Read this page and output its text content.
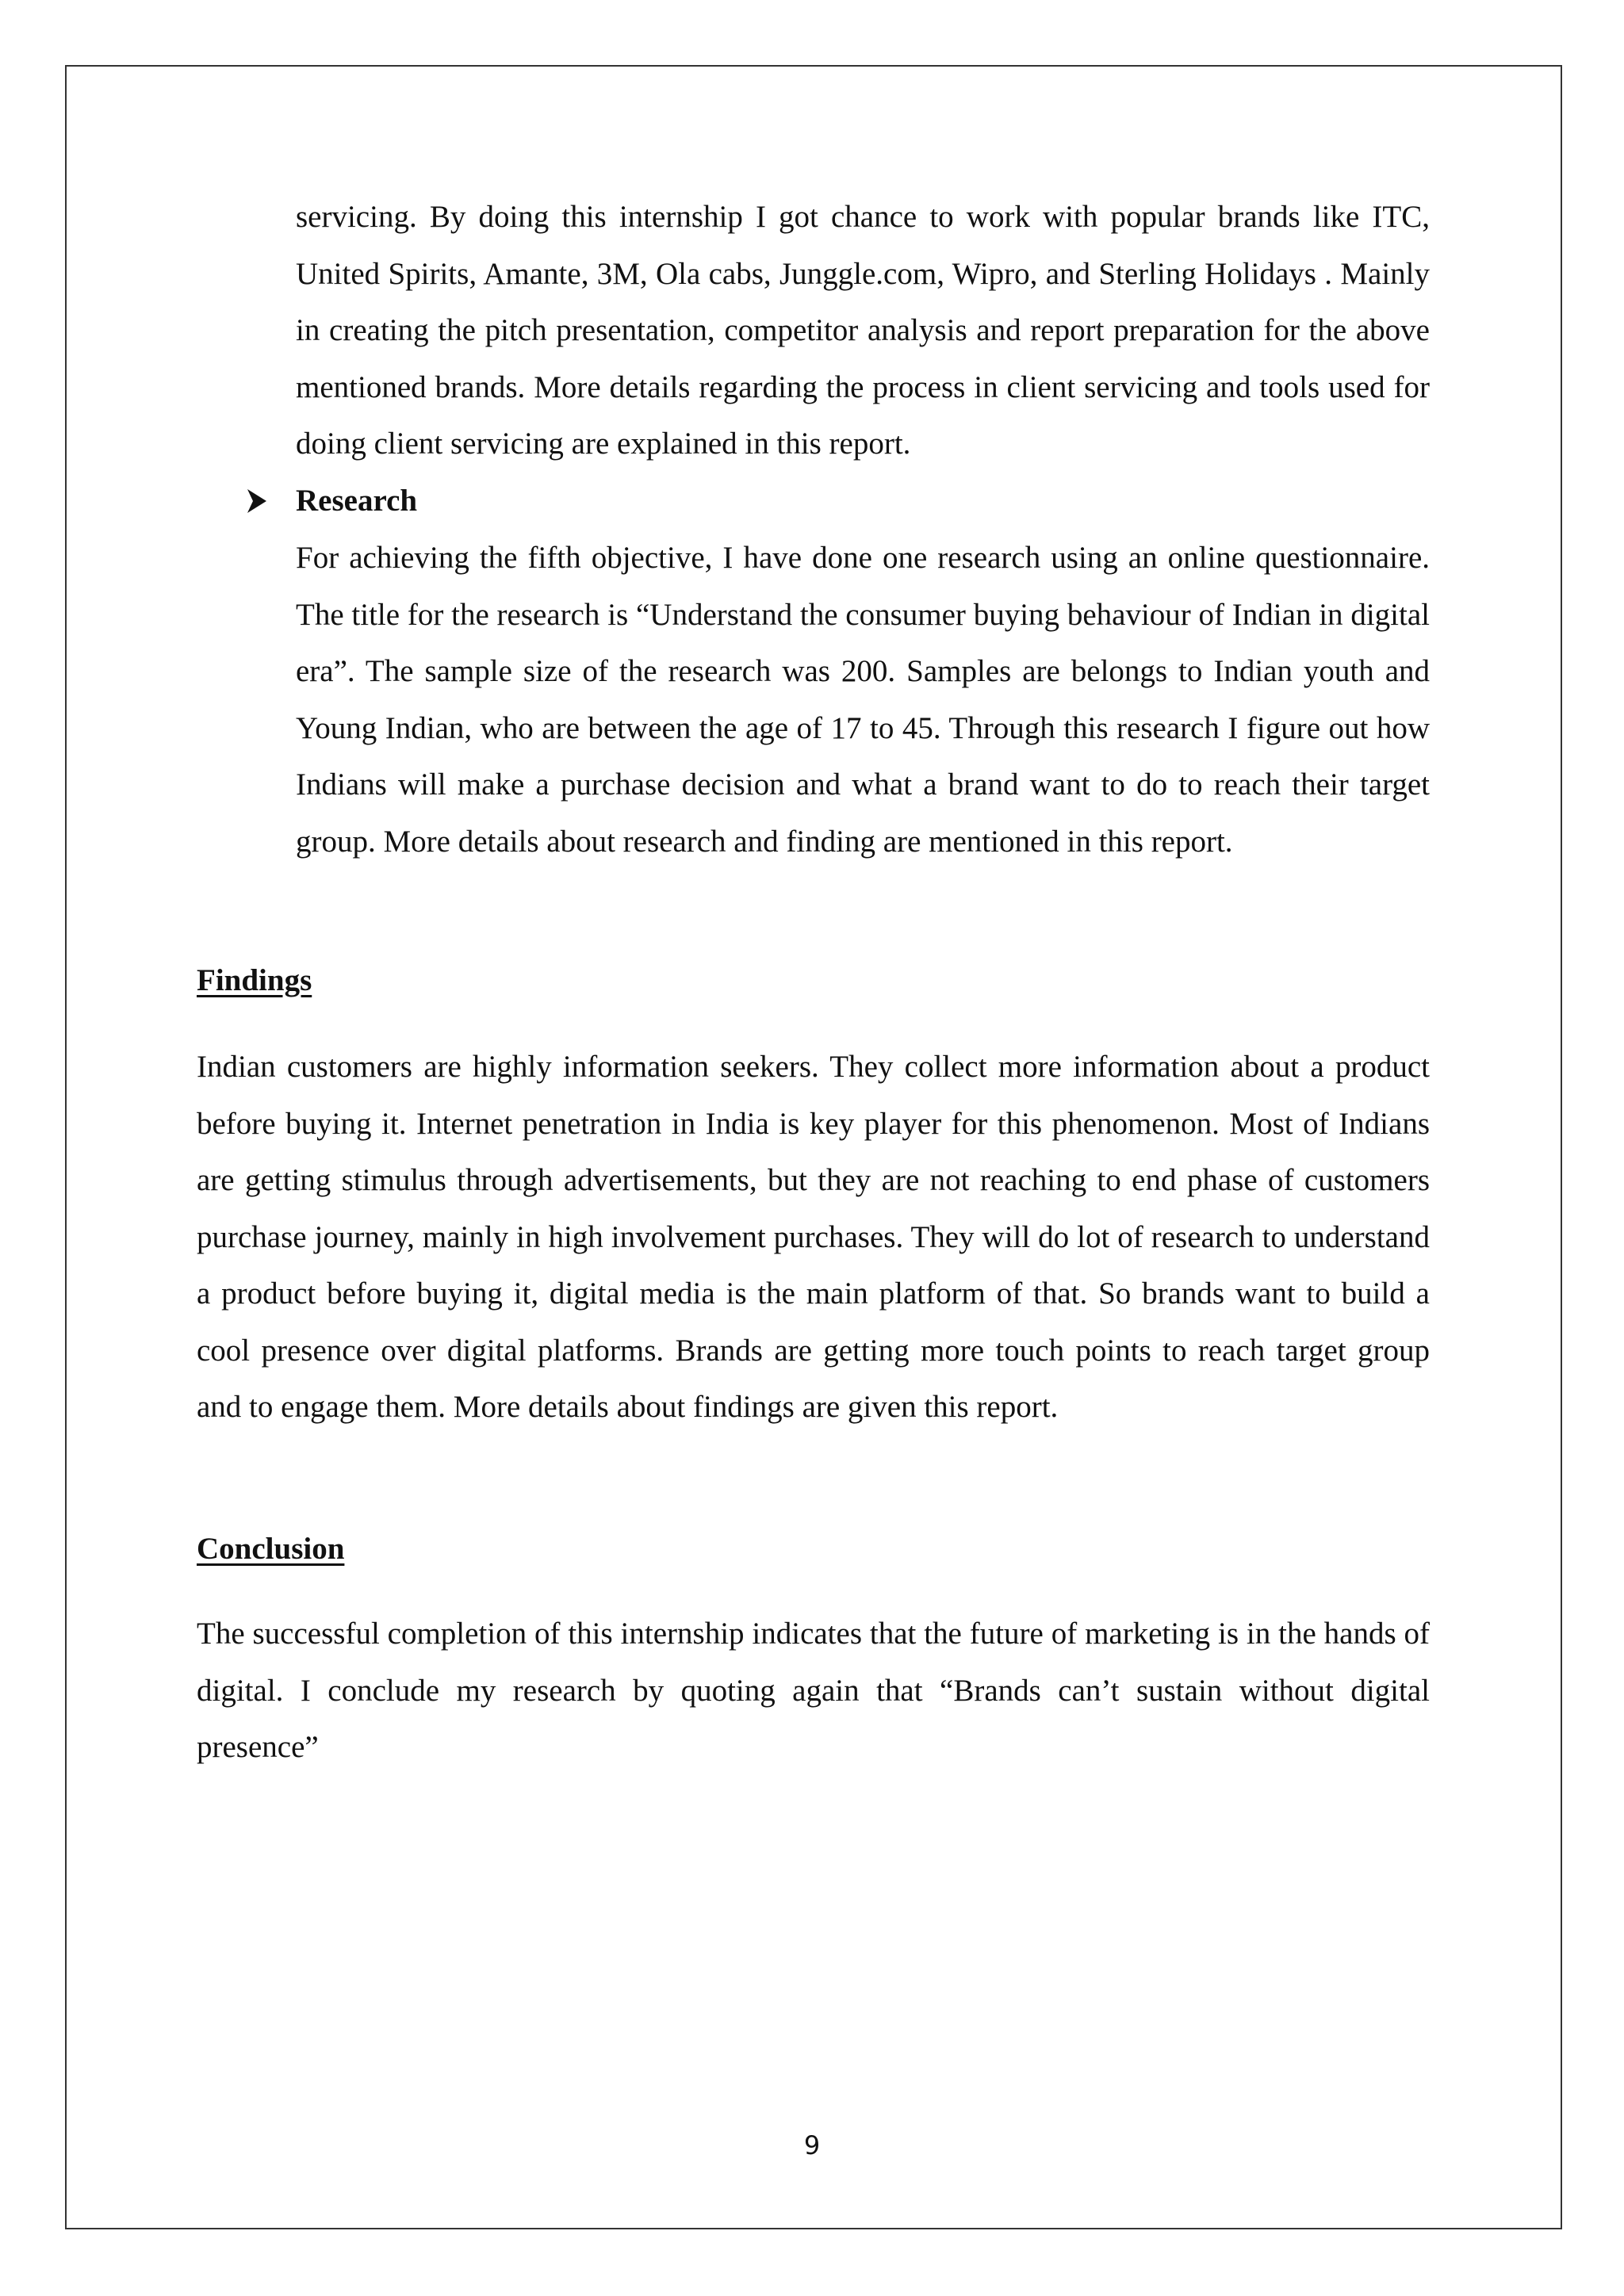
servicing. By doing this internship I got chance to work with popular brands like ITC, United Spirits, Amante, 3M, Ola cabs, Junggle.com, Wipro, and Sterling Holidays . Mainly in creating the pitch presentation, competitor analysis and report preparation for the above mentioned brands. More details regarding the process in client servicing and tools used for doing client servicing are explained in this report.

Research

For achieving the fifth objective, I have done one research using an online questionnaire. The title for the research is “Understand the consumer buying behaviour of Indian in digital era”. The sample size of the research was 200. Samples are belongs to Indian youth and Young Indian, who are between the age of 17 to 45. Through this research I figure out how Indians will make a purchase decision and what a brand want to do to reach their target group. More details about research and finding are mentioned in this report.

Findings

Indian customers are highly information seekers. They collect more information about a product before buying it. Internet penetration in India is key player for this phenomenon. Most of Indians are getting stimulus through advertisements, but they are not reaching to end phase of customers purchase journey, mainly in high involvement purchases. They will do lot of research to understand a product before buying it, digital media is the main platform of that. So brands want to build a cool presence over digital platforms. Brands are getting more touch points to reach target group and to engage them. More details about findings are given this report.

Conclusion

The successful completion of this internship indicates that the future of marketing is in the hands of digital. I conclude my research by quoting again that “Brands can’t sustain without digital presence”

9
